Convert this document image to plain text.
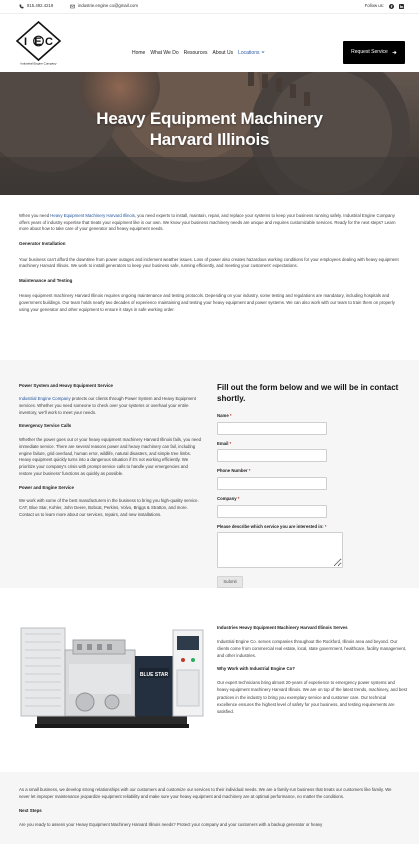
815.492.4219	industrie.engine.co@gmail.com	Follow us:
I E C
Industrial Engine Company
Home What We Do Resources About Us Locations	Request Service
Heavy Equipment Machinery
Harvard Illinois

When you need Heavy Equipment Machinery Harvard Illinois, you need experts to install, maintain, repair, and replace your systems to keep your business running safely. Industrial Engine Company offers years of industry expertise that treats your equipment like is our own. We know your business machinery needs are unique and requires customizable services. Ready for the next steps? Learn more about how to take care of your generator and heavy equipment needs.

Generator Installation

Your business can't afford the downtime from power outages and inclement weather issues. Loss of power also creates hazardous working conditions for your employees dealing with heavy equipment machinery Harvard Illinois. We work to install generators to keep your business safe, running efficiently, and meeting your customers' expectations.

Maintenance and Testing

Heavy equipment machinery Harvard Illinois requires ongoing maintenance and testing protocols. Depending on your industry, some testing and regulations are mandatory, including hospitals and government buildings. Our team holds nearly two decades of experience maintaining and testing your heavy equipment and power systems. We can also work with our team to train them on properly using your generator and other equipment to ensure it stays in safe working order.

Power System and Heavy Equipment Service

Industrial Engine Company protects our clients through Power System and Heavy Equipment services. Whether you need someone to check over your systems or overhaul your entire inventory, we'll work to meet your needs.

Emergency Service Calls

Whether the power goes out or your heavy equipment machinery Harvard Illinois fails, you need immediate service. There are several reasons power and heavy machinery can fail, including engine failure, grid overload, human error, wildlife, natural disasters, and simple tree limbs. Heavy equipment quickly turns into a dangerous situation if it's not working efficiently. We prioritize your company's crisis with prompt service calls to handle your emergencies and restore your business' functions as quickly as possible.

Power and Engine Service

We work with some of the best manufacturers in the business to bring you high-quality service. CAT, Blue Star, Kohler, John Deere, Bobcat, Perkins, Volvo, Briggs & Stratton, and more. Contact us to learn more about our services, repairs, and new installations.

Fill out the form below and we will be in contact shortly.
Name *
Email *
Phone Number *
Company *
Please describe which service you are interested in: *
Submit
BLUE STAR
Industries Heavy Equipment Machinery Harvard Illinois Serves

Industrial Engine Co. serves companies throughout the Rockford, Illinois area and beyond. Our clients come from commercial real estate, local, state government, healthcare, facility management, and other industries.

Why Work with Industrial Engine Co?

Our expert technicians bring almost 20-years of experience to emergency power systems and heavy equipment machinery Harvard Illinois. We are on top of the latest trends, machinery, and best practices in the industry to bring you exemplary service and customer care. Our technical excellence ensures the highest level of safety for your business, and testing requirements are satisfied.

As a small business, we develop strong relationships with our customers and customize our services to their individual needs. We are a family-run business that treats our customers like family. We never let improper maintenance jeopardize equipment reliability and make sure your heavy equipment and machinery are at optimal performance, no matter the conditions.

Next Steps

Are you ready to assess your Heavy Equipment Machinery Harvard Illinois needs? Protect your company and your customers with a backup generator or heavy
